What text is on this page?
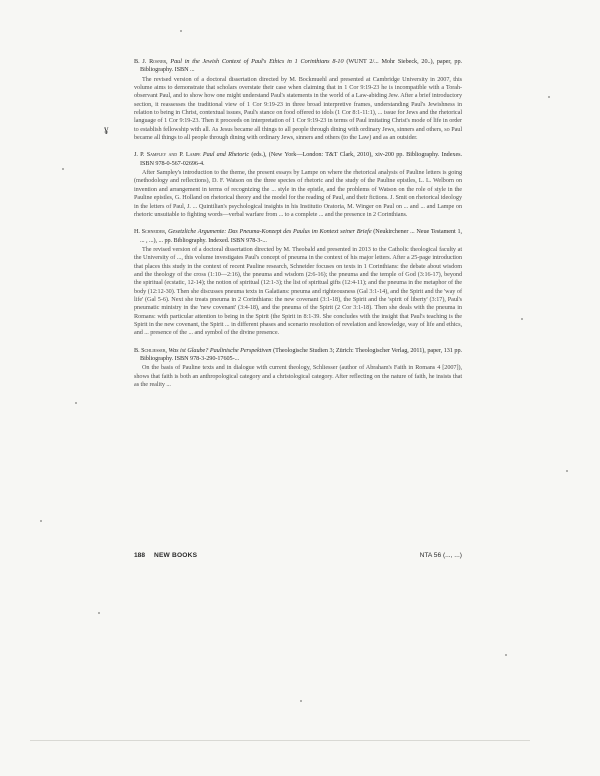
¥

B. J. Rosner, Paul in the Jewish Context of Paul's Ethics in 1 Corinthians 8-10 (WUNT 2/... Mohr Siebeck, 20..), paper, pp. Bibliography. ISBN ...

The revised version of a doctoral dissertation directed by M. Bockmuehl and presented at Cambridge University in 2007, this volume aims to demonstrate that scholars overstate their case when claiming that in 1 Cor 9:19-23 he is incompatible with a Torah-observant Paul, and to show how one might understand Paul's statements in the world of a Law-abiding Jew. After a brief introductory section, it reassesses the traditional view of 1 Cor 9:19-23 in three broad interpretive frames, understanding Paul's Jewishness in relation to being in Christ, contextual issues, Paul's stance on food offered to idols (1 Cor 8:1-11:1), ... issue for Jews and the rhetorical language of 1 Cor 9:19-23. Then it proceeds on interpretation of 1 Cor 9:19-23 in terms of Paul imitating Christ's mode of life in order to establish fellowship with all. As Jesus became all things to all people through dining with ordinary Jews, sinners and others, so Paul became all things to all people through dining with ordinary Jews, sinners and others (to the Law) and as an outsider.

J. P. Sampley and P. Lampe Paul and Rhetoric (eds.), (New York—London: T&T Clark, 2010), xiv-200 pp. Bibliography. Indexes. ISBN 978-0-567-02696-4.

After Sampley's introduction to the theme, the present essays by Lampe on where the rhetorical analysis of Pauline letters is going (methodology and reflections), D. F. Watson on the three species of rhetoric and the study of the Pauline epistles, L. L. Welborn on invention and arrangement in terms of recognizing the ... style in the epistle, and the problems of Watson on the role of style in the Pauline epistles, G. Holland on rhetorical theory and the model for the reading of Paul, and their fictions. J. Smit on rhetorical ideology in the letters of Paul, J. ... Quintilian's psychological insights in his Institutio Oratoria, M. Winger on Paul on ... and ... and Lampe on rhetoric unsuitable to fighting words—verbal warfare from ... to a complete ... and the presence in 2 Corinthians.

H. Schneider, Gesetzliche Argumente: Das Pneuma-Konzept des Paulus im Kontext seiner Briefe (Neukirchener ... Neue Testament 1, ... , ...), ... pp. Bibliography. Indexed. ISBN 978-3-...

The revised version of a doctoral dissertation directed by M. Theobald and presented in 2013 to the Catholic theological faculty at the University of ..., this volume investigates Paul's concept of pneuma in the context of his major letters. After a 25-page introduction that places this study in the context of recent Pauline research, Schneider focuses on texts in 1 Corinthians: the debate about wisdom and the theology of the cross (1:10—2:16), the pneuma and wisdom (2:6-16); the pneuma and the temple of God (3:16-17), beyond the spiritual (ecstatic, 12-14); the notion of spiritual (12:1-3); the list of spiritual gifts (12:4-11); and the pneuma in the metaphor of the body (12:12-30). Then she discusses pneuma texts in Galatians: pneuma and righteousness (Gal 3:1-14), and the Spirit and the 'way of life' (Gal 5-6). Next she treats pneuma in 2 Corinthians: the new covenant (3:1-18), the Spirit and the 'spirit of liberty' (3:17), Paul's pneumatic ministry in the 'new covenant' (3:4-18), and the pneuma of the Spirit (2 Cor 3:1-18). Then she deals with the pneuma in Romans: with particular attention to being in the Spirit (the Spirit in 8:1-39. She concludes with the insight that Paul's teaching is the Spirit in the new covenant, the Spirit ... in different phases and scenario resolution of revelation and knowledge, way of life and ethics, and ... presence of the ... and symbol of the divine presence.

B. Schliesser, Was ist Glaube? Paulinische Perspektiven (Theologische Studien 3; Zürich: Theologischer Verlag, 2011), paper, 131 pp. Bibliography. ISBN 978-3-290-17605-...

On the basis of Pauline texts and in dialogue with current theology, Schliesser (author of Abraham's Faith in Romans 4 [2007]), shows that faith is both an anthropological category and a christological category. After reflecting on the nature of faith, he insists that as the reality ...

188 NEW BOOKS	NTA 56 (..., ...)
